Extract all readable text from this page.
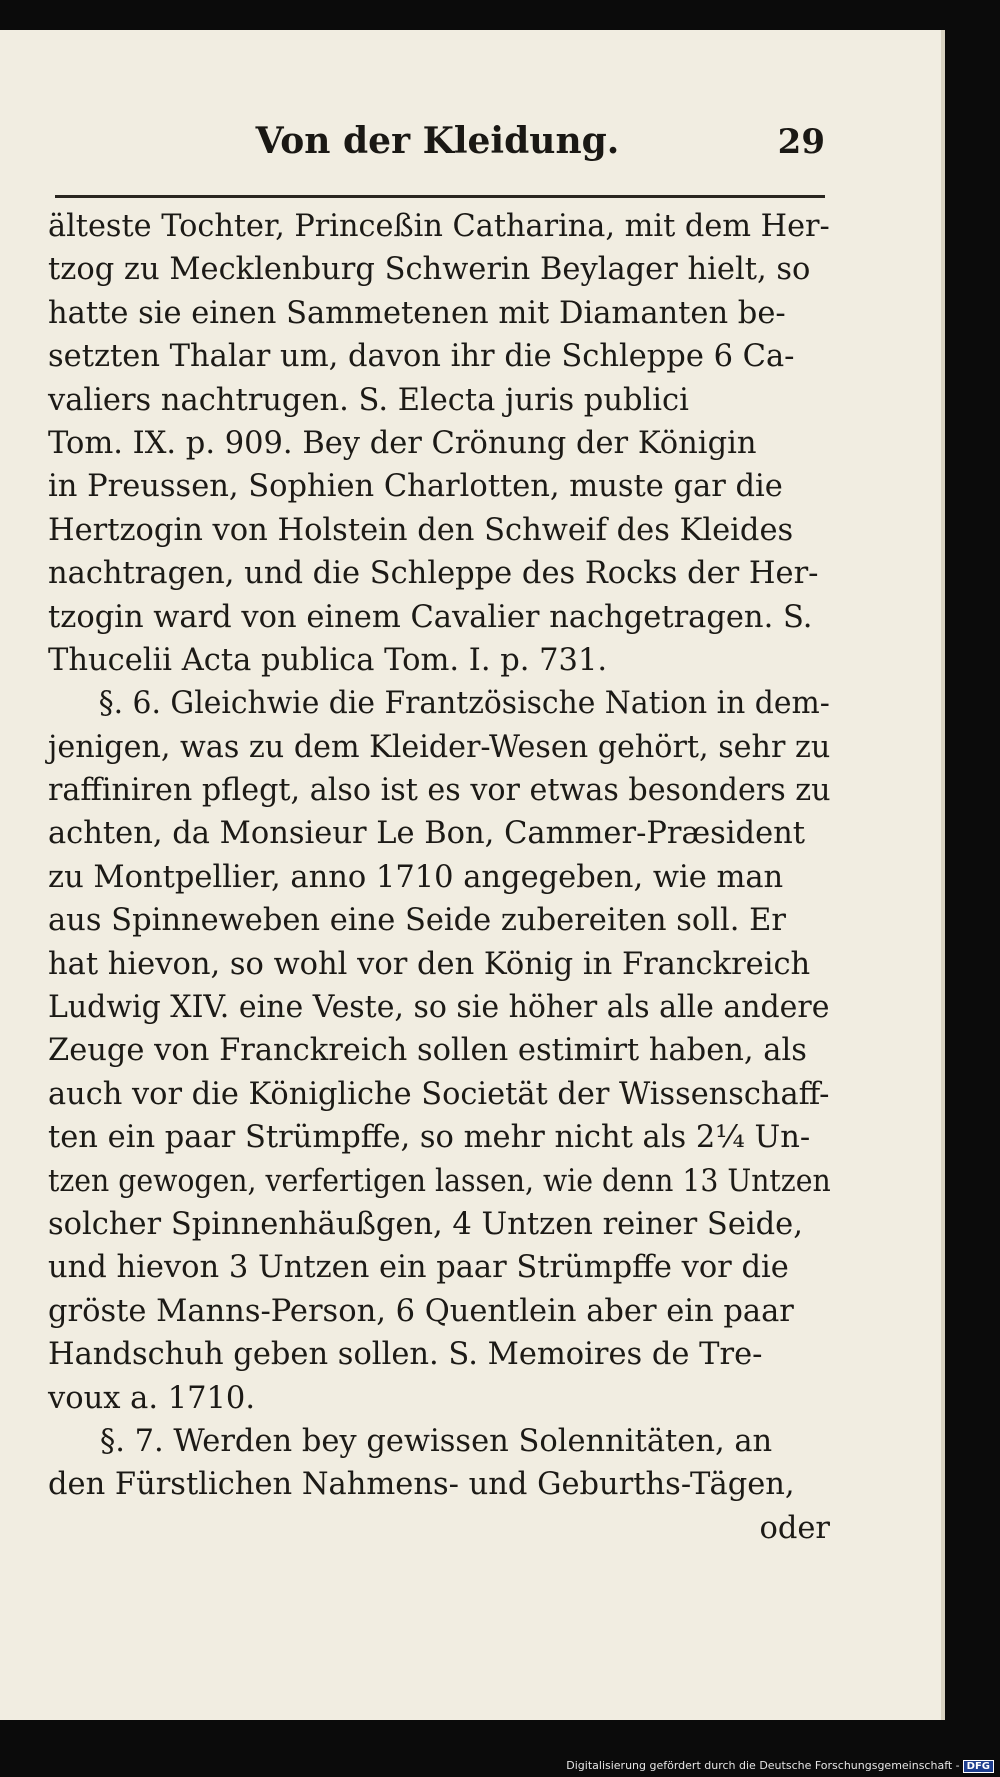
Von der Kleidung.	29
älteste Tochter, Princeßin Catharina, mit dem Her-
tzog zu Mecklenburg Schwerin Beylager hielt, so
hatte sie einen Sammetenen mit Diamanten be-
setzten Thalar um, davon ihr die Schleppe 6 Ca-
valiers nachtrugen. S. Electa juris publici
Tom. IX. p. 909. Bey der Crönung der Königin
in Preussen, Sophien Charlotten, muste gar die
Hertzogin von Holstein den Schweif des Kleides
nachtragen, und die Schleppe des Rocks der Her-
tzogin ward von einem Cavalier nachgetragen. S.
Thucelii Acta publica Tom. I. p. 731.
§. 6. Gleichwie die Frantzösische Nation in dem-
jenigen, was zu dem Kleider-Wesen gehört, sehr zu
raffiniren pflegt, also ist es vor etwas besonders zu
achten, da Monsieur Le Bon, Cammer-Præsident
zu Montpellier, anno 1710 angegeben, wie man
aus Spinneweben eine Seide zubereiten soll. Er
hat hievon, so wohl vor den König in Franckreich
Ludwig XIV. eine Veste, so sie höher als alle andere
Zeuge von Franckreich sollen estimirt haben, als
auch vor die Königliche Societät der Wissenschaff-
ten ein paar Strümpffe, so mehr nicht als 2¼ Un-
tzen gewogen, verfertigen lassen, wie denn 13 Untzen
solcher Spinnenhäußgen, 4 Untzen reiner Seide,
und hievon 3 Untzen ein paar Strümpffe vor die
gröste Manns-Person, 6 Quentlein aber ein paar
Handschuh geben sollen. S. Memoires de Tre-
voux a. 1710.
§. 7. Werden bey gewissen Solennitäten, an
den Fürstlichen Nahmens- und Geburths-Tägen,
oder
Digitalisierung gefördert durch die Deutsche Forschungsgemeinschaft - DFG
